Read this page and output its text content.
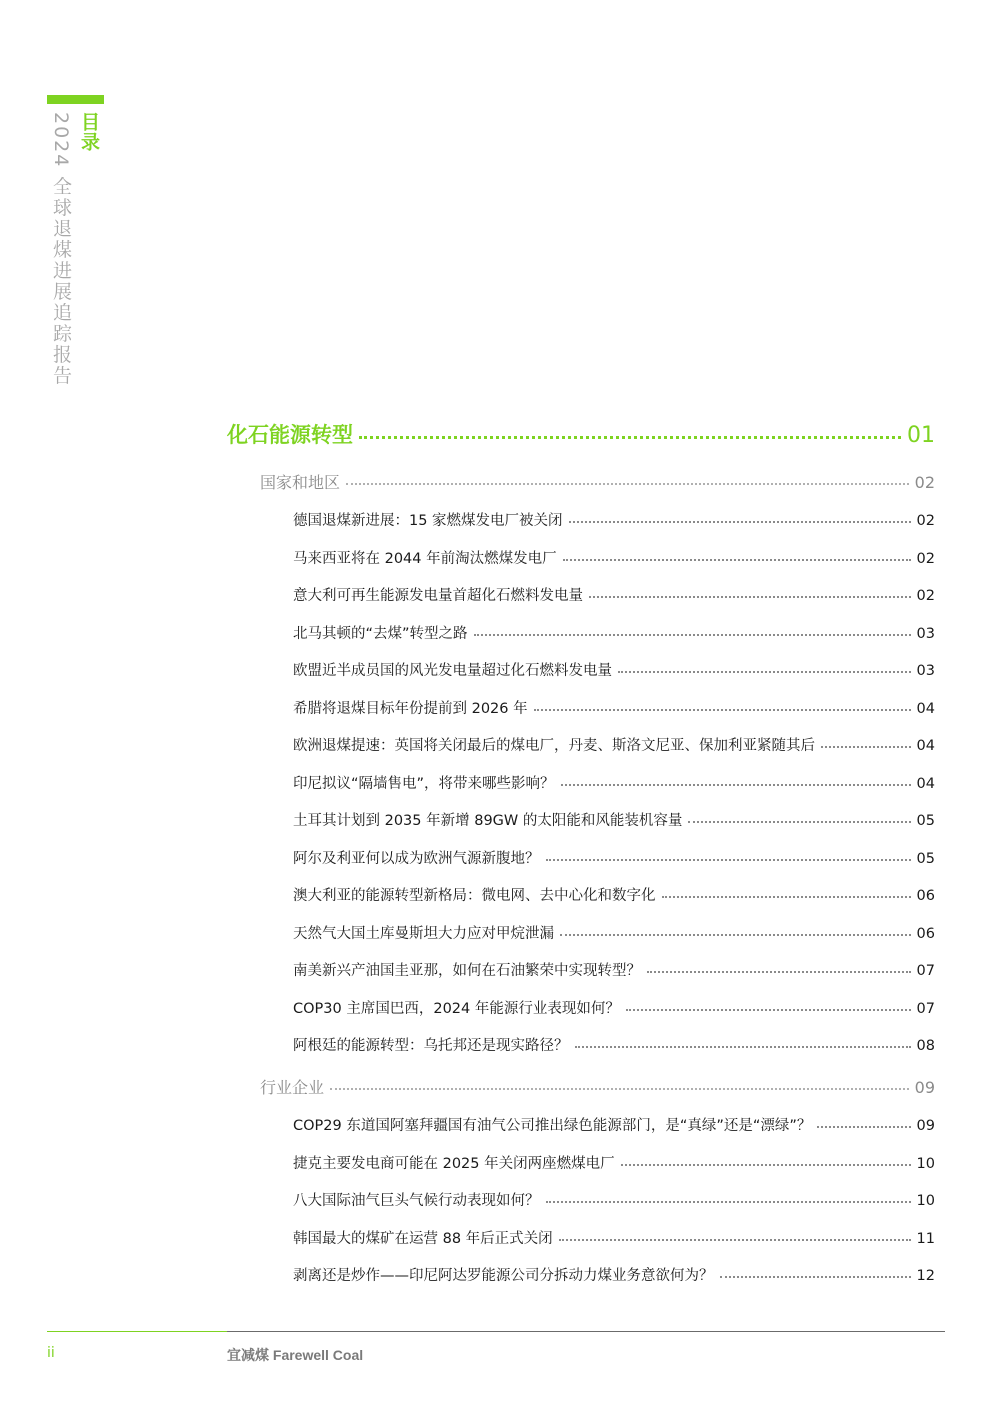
目录
2024 全球退煤进展追踪报告
化石能源转型	01
国家和地区	02
德国退煤新进展：15 家燃煤发电厂被关闭	02
马来西亚将在 2044 年前淘汰燃煤发电厂	02
意大利可再生能源发电量首超化石燃料发电量	02
北马其顿的“去煤”转型之路	03
欧盟近半成员国的风光发电量超过化石燃料发电量	03
希腊将退煤目标年份提前到 2026 年	04
欧洲退煤提速：英国将关闭最后的煤电厂，丹麦、斯洛文尼亚、保加利亚紧随其后	04
印尼拟议“隔墙售电”，将带来哪些影响？	04
土耳其计划到 2035 年新增 89GW 的太阳能和风能装机容量	05
阿尔及利亚何以成为欧洲气源新腹地？	05
澳大利亚的能源转型新格局：微电网、去中心化和数字化	06
天然气大国土库曼斯坦大力应对甲烷泄漏	06
南美新兴产油国圭亚那，如何在石油繁荣中实现转型？	07
COP30 主席国巴西，2024 年能源行业表现如何？	07
阿根廷的能源转型：乌托邦还是现实路径？	08
行业企业	09
COP29 东道国阿塞拜疆国有油气公司推出绿色能源部门，是“真绿”还是“漂绿”？	09
捷克主要发电商可能在 2025 年关闭两座燃煤电厂	10
八大国际油气巨头气候行动表现如何？	10
韩国最大的煤矿在运营 88 年后正式关闭	11
剥离还是炒作——印尼阿达罗能源公司分拆动力煤业务意欲何为？	12
ii	宜减煤 Farewell Coal
